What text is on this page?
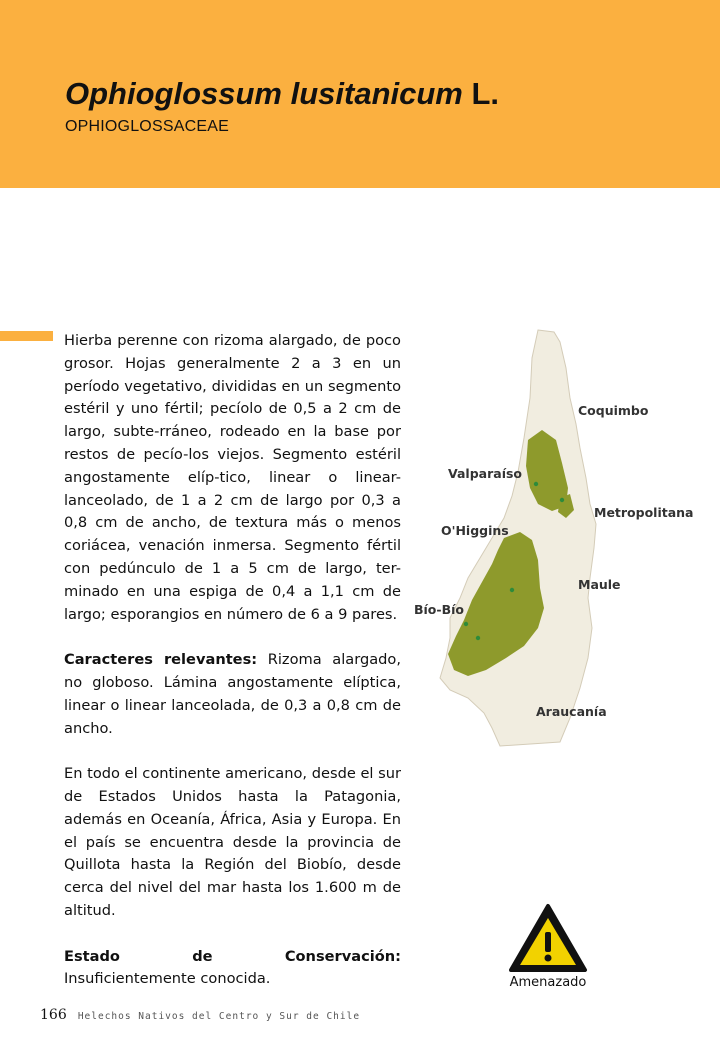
Ophioglossum lusitanicum L.
OPHIOGLOSSACEAE

Hierba perenne con rizoma alargado, de poco grosor. Hojas generalmente 2 a 3 en un período vegetativo, divididas en un segmento estéril y uno fértil; pecíolo de 0,5 a 2 cm de largo, subte-rráneo, rodeado en la base por restos de pecío-los viejos. Segmento estéril angostamente elíp-tico, linear o linear-lanceolado, de 1 a 2 cm de largo por 0,3 a 0,8 cm de ancho, de textura más o menos coriácea, venación inmersa. Segmento fértil con pedúnculo de 1 a 5 cm de largo, ter-minado en una espiga de 0,4 a 1,1 cm de largo; esporangios en número de 6 a 9 pares.

Caracteres relevantes: Rizoma alargado, no globoso. Lámina angostamente elíptica, linear o linear lanceolada, de 0,3 a 0,8 cm de ancho.

En todo el continente americano, desde el sur de Estados Unidos hasta la Patagonia, además en Oceanía, África, Asia y Europa. En el país se encuentra desde la provincia de Quillota hasta la Región del Biobío, desde cerca del nivel del mar hasta los 1.600 m de altitud.

Estado de Conservación: Insuficientemente conocida.

Coquimbo
Valparaíso
Metropolitana
O'Higgins
Maule
Bío-Bío
Araucanía
Amenazado
166 Helechos Nativos del Centro y Sur de Chile
